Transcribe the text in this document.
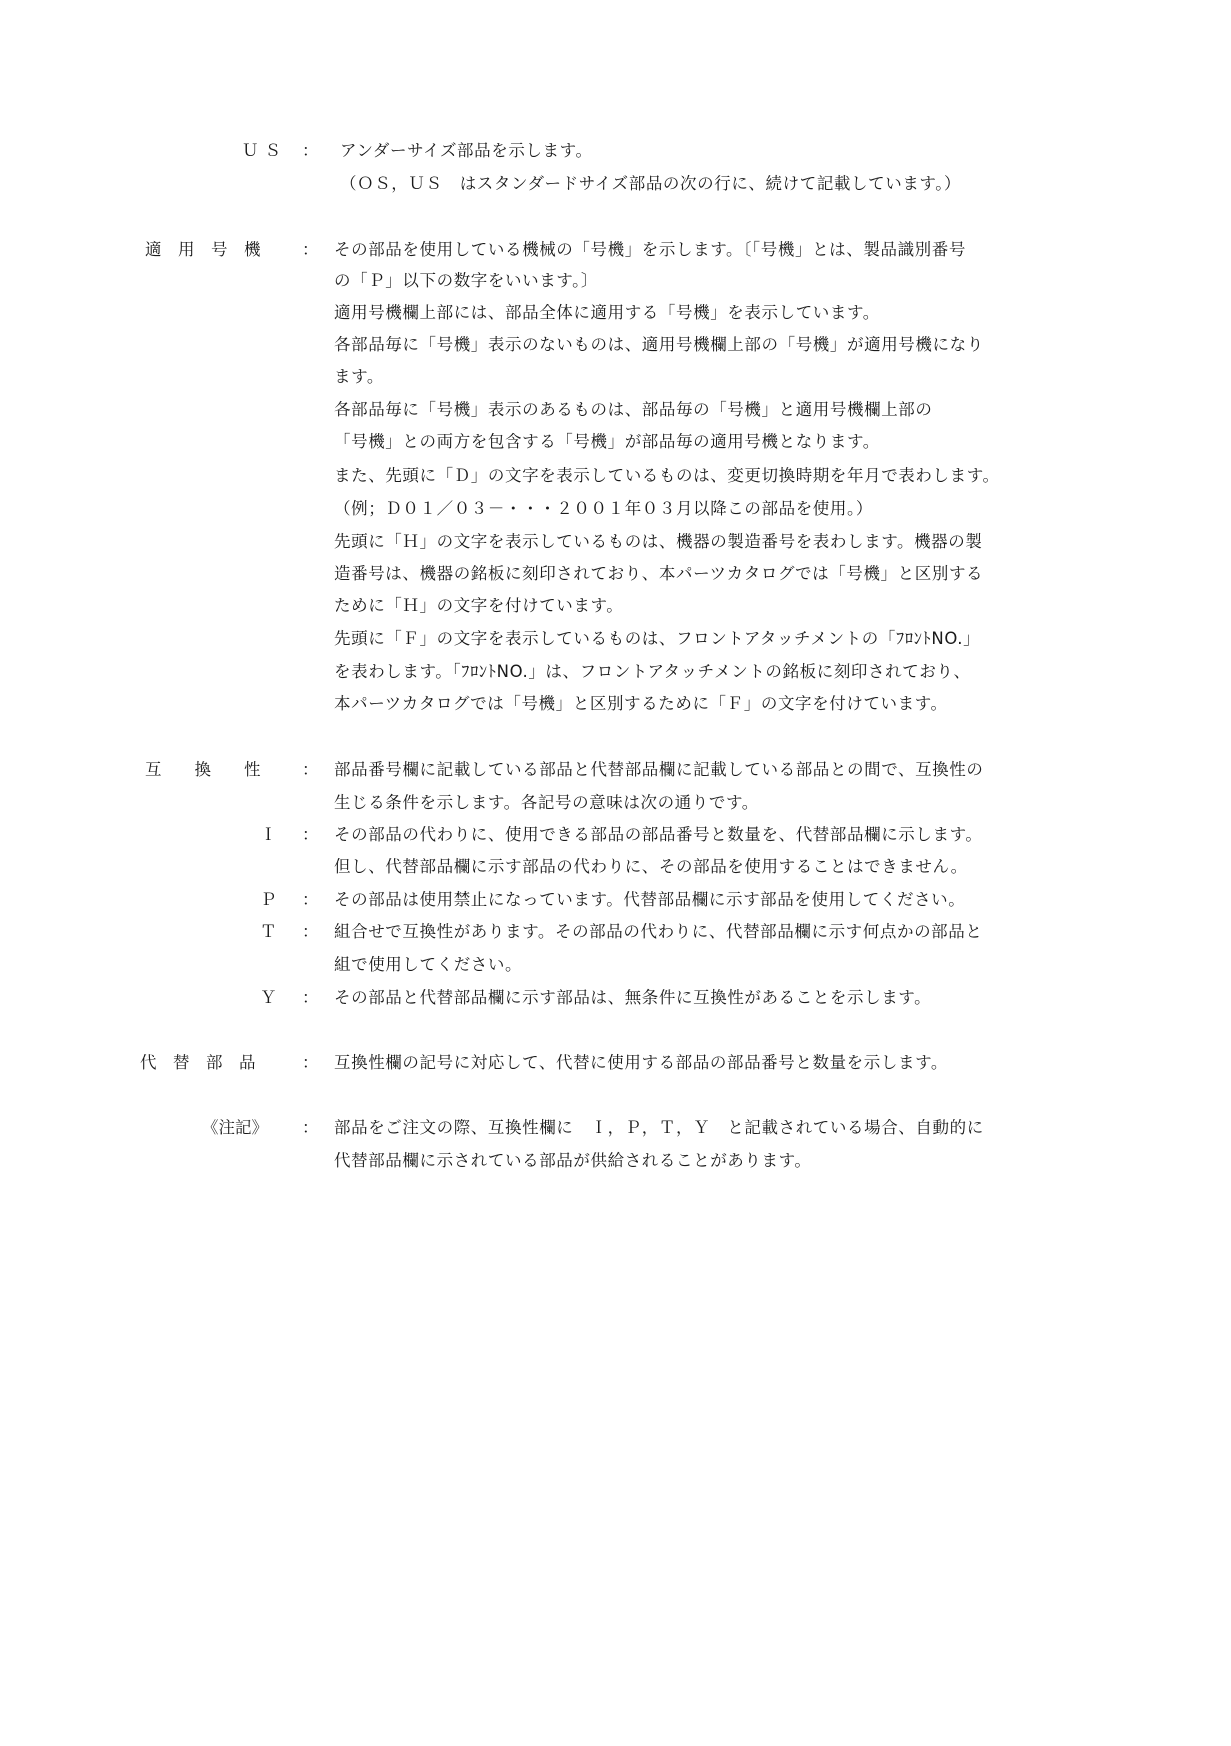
ＵＳ ： アンダーサイズ部品を示します。
（ＯＳ，ＵＳ　はスタンダードサイズ部品の次の行に、続けて記載しています。）
適　用　号　機	： その部品を使用している機械の「号機」を示します。〔「号機」とは、製品識別番号
の「Ｐ」以下の数字をいいます。〕
適用号機欄上部には、部品全体に適用する「号機」を表示しています。
各部品毎に「号機」表示のないものは、適用号機欄上部の「号機」が適用号機になり
ます。
各部品毎に「号機」表示のあるものは、部品毎の「号機」と適用号機欄上部の
「号機」との両方を包含する「号機」が部品毎の適用号機となります。
また、先頭に「Ｄ」の文字を表示しているものは、変更切換時期を年月で表わします。
（例；Ｄ０１／０３－・・・２００１年０３月以降この部品を使用。）
先頭に「Ｈ」の文字を表示しているものは、機器の製造番号を表わします。機器の製
造番号は、機器の銘板に刻印されており、本パーツカタログでは「号機」と区別する
ために「Ｈ」の文字を付けています。
先頭に「Ｆ」の文字を表示しているものは、フロントアタッチメントの「ﾌﾛﾝﾄNO.」
を表わします。「ﾌﾛﾝﾄNO.」は、フロントアタッチメントの銘板に刻印されており、
本パーツカタログでは「号機」と区別するために「Ｆ」の文字を付けています。
互　　換　　性	： 部品番号欄に記載している部品と代替部品欄に記載している部品との間で、互換性の
生じる条件を示します。各記号の意味は次の通りです。
Ｉ ： その部品の代わりに、使用できる部品の部品番号と数量を、代替部品欄に示します。
但し、代替部品欄に示す部品の代わりに、その部品を使用することはできません。
Ｐ ： その部品は使用禁止になっています。代替部品欄に示す部品を使用してください。
Ｔ ： 組合せで互換性があります。その部品の代わりに、代替部品欄に示す何点かの部品と
組で使用してください。
Ｙ ： その部品と代替部品欄に示す部品は、無条件に互換性があることを示します。
代　替　部　品	： 互換性欄の記号に対応して、代替に使用する部品の部品番号と数量を示します。
《注記》 ： 部品をご注文の際、互換性欄に　Ｉ，Ｐ，Ｔ，Ｙ　と記載されている場合、自動的に
代替部品欄に示されている部品が供給されることがあります。
